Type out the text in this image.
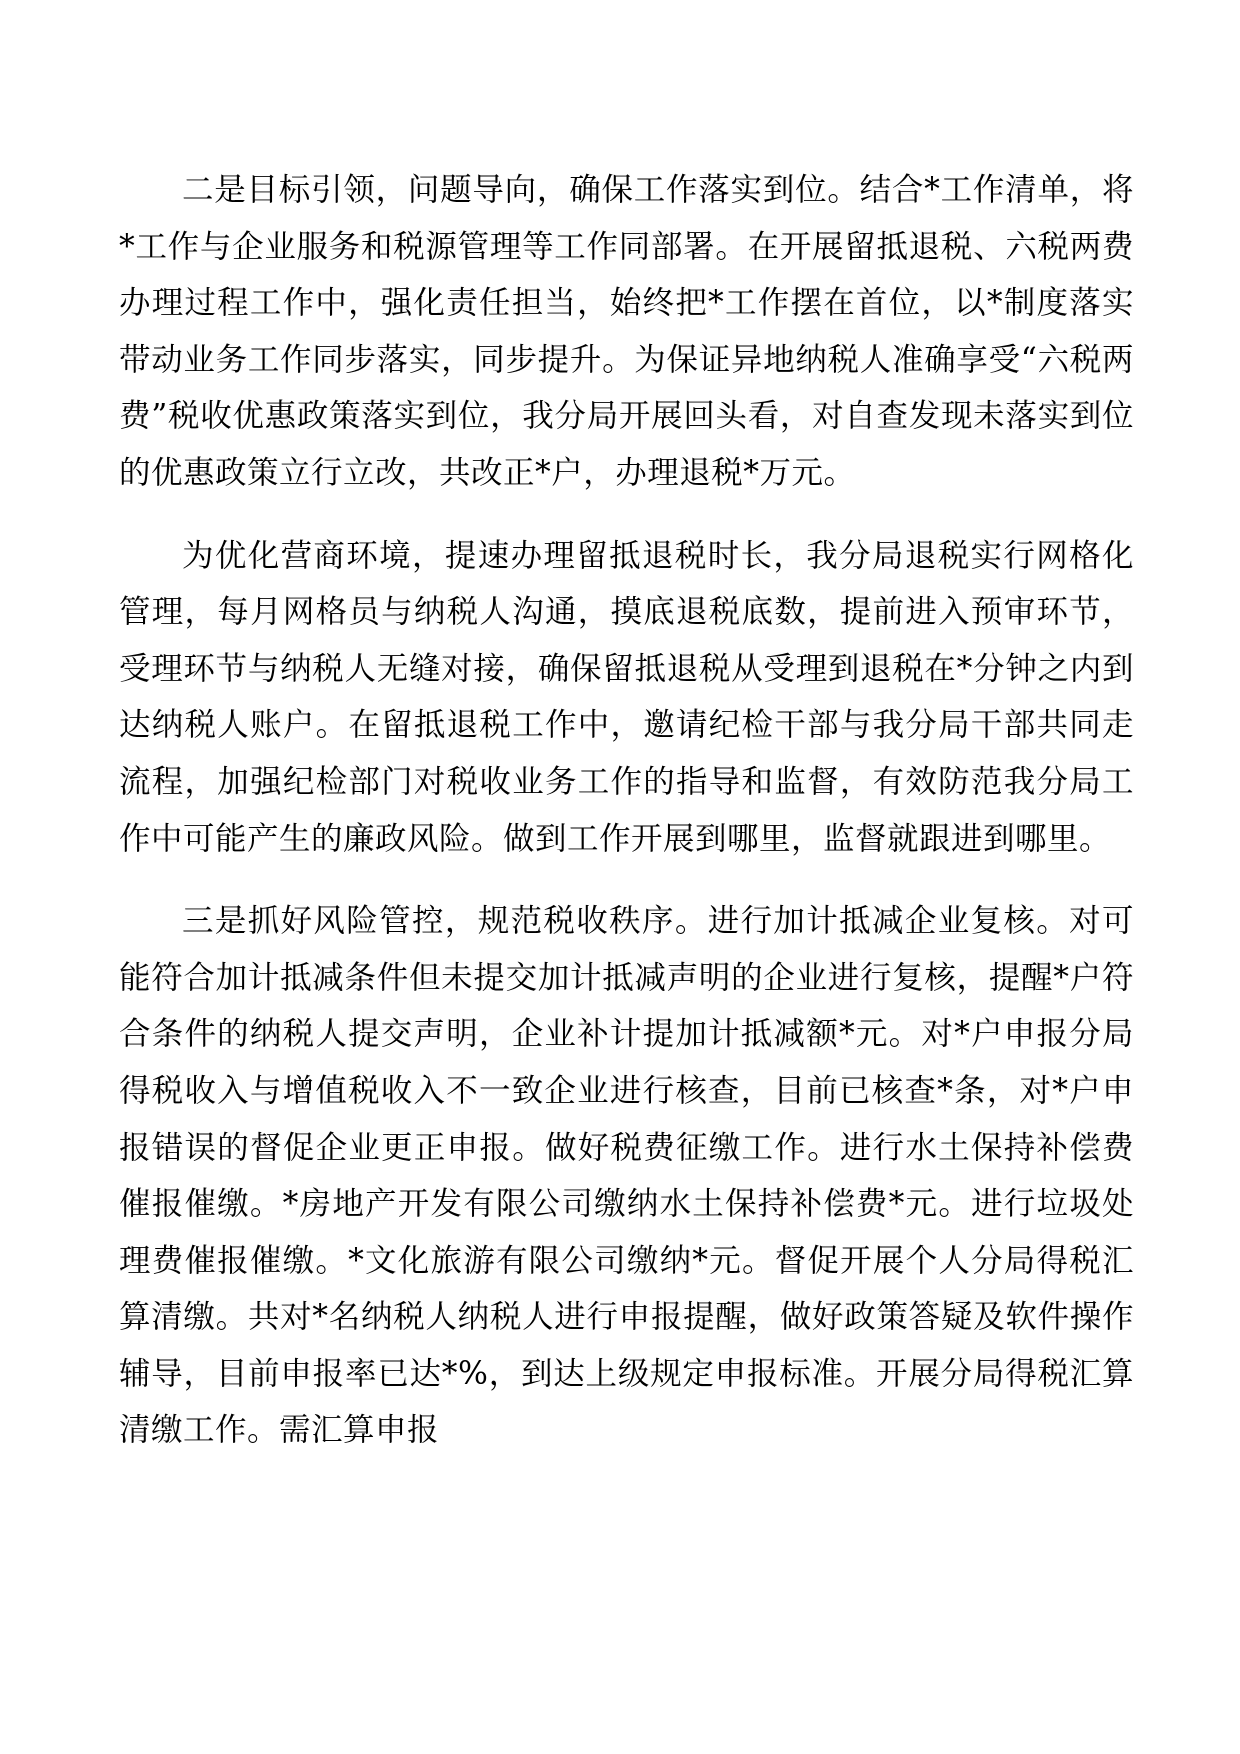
二是目标引领，问题导向，确保工作落实到位。结合*工作清单，将*工作与企业服务和税源管理等工作同部署。在开展留抵退税、六税两费办理过程工作中，强化责任担当，始终把*工作摆在首位，以*制度落实带动业务工作同步落实，同步提升。为保证异地纳税人准确享受“六税两费”税收优惠政策落实到位，我分局开展回头看，对自查发现未落实到位的优惠政策立行立改，共改正*户，办理退税*万元。

为优化营商环境，提速办理留抵退税时长，我分局退税实行网格化管理，每月网格员与纳税人沟通，摸底退税底数，提前进入预审环节，受理环节与纳税人无缝对接，确保留抵退税从受理到退税在*分钟之内到达纳税人账户。在留抵退税工作中，邀请纪检干部与我分局干部共同走流程，加强纪检部门对税收业务工作的指导和监督，有效防范我分局工作中可能产生的廉政风险。做到工作开展到哪里，监督就跟进到哪里。

三是抓好风险管控，规范税收秩序。进行加计抵减企业复核。对可能符合加计抵减条件但未提交加计抵减声明的企业进行复核，提醒*户符合条件的纳税人提交声明，企业补计提加计抵减额*元。对*户申报分局得税收入与增值税收入不一致企业进行核查，目前已核查*条，对*户申报错误的督促企业更正申报。做好税费征缴工作。进行水土保持补偿费催报催缴。*房地产开发有限公司缴纳水土保持补偿费*元。进行垃圾处理费催报催缴。*文化旅游有限公司缴纳*元。督促开展个人分局得税汇算清缴。共对*名纳税人纳税人进行申报提醒，做好政策答疑及软件操作辅导，目前申报率已达*%，到达上级规定申报标准。开展分局得税汇算清缴工作。需汇算申报
